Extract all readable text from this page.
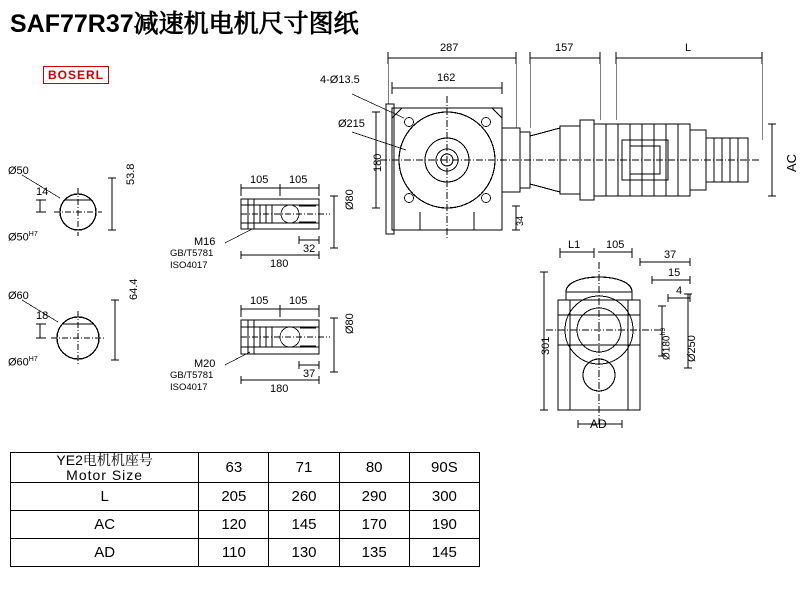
SAF77R37减速机电机尺寸图纸
BOSERL
Ø50	53.8
14
$Ø50^{H7}$
Ø60	64.4
18
$Ø60^{H7}$
105 105
32
180
Ø80
M16
GB/T5781
ISO4017
105 105
37
180
Ø80
M20
GB/T5781
ISO4017
287
162
157	L
4-Ø13.5
Ø215
180
34
AC
L1 105
37
15
4
301	$Ø180^{h9}$
Ø250
AD
YE2电机机座号
Motor Size	63	71	80	90S
L	205	260	290	300
AC	120	145	170	190
AD	110	130	135	145
